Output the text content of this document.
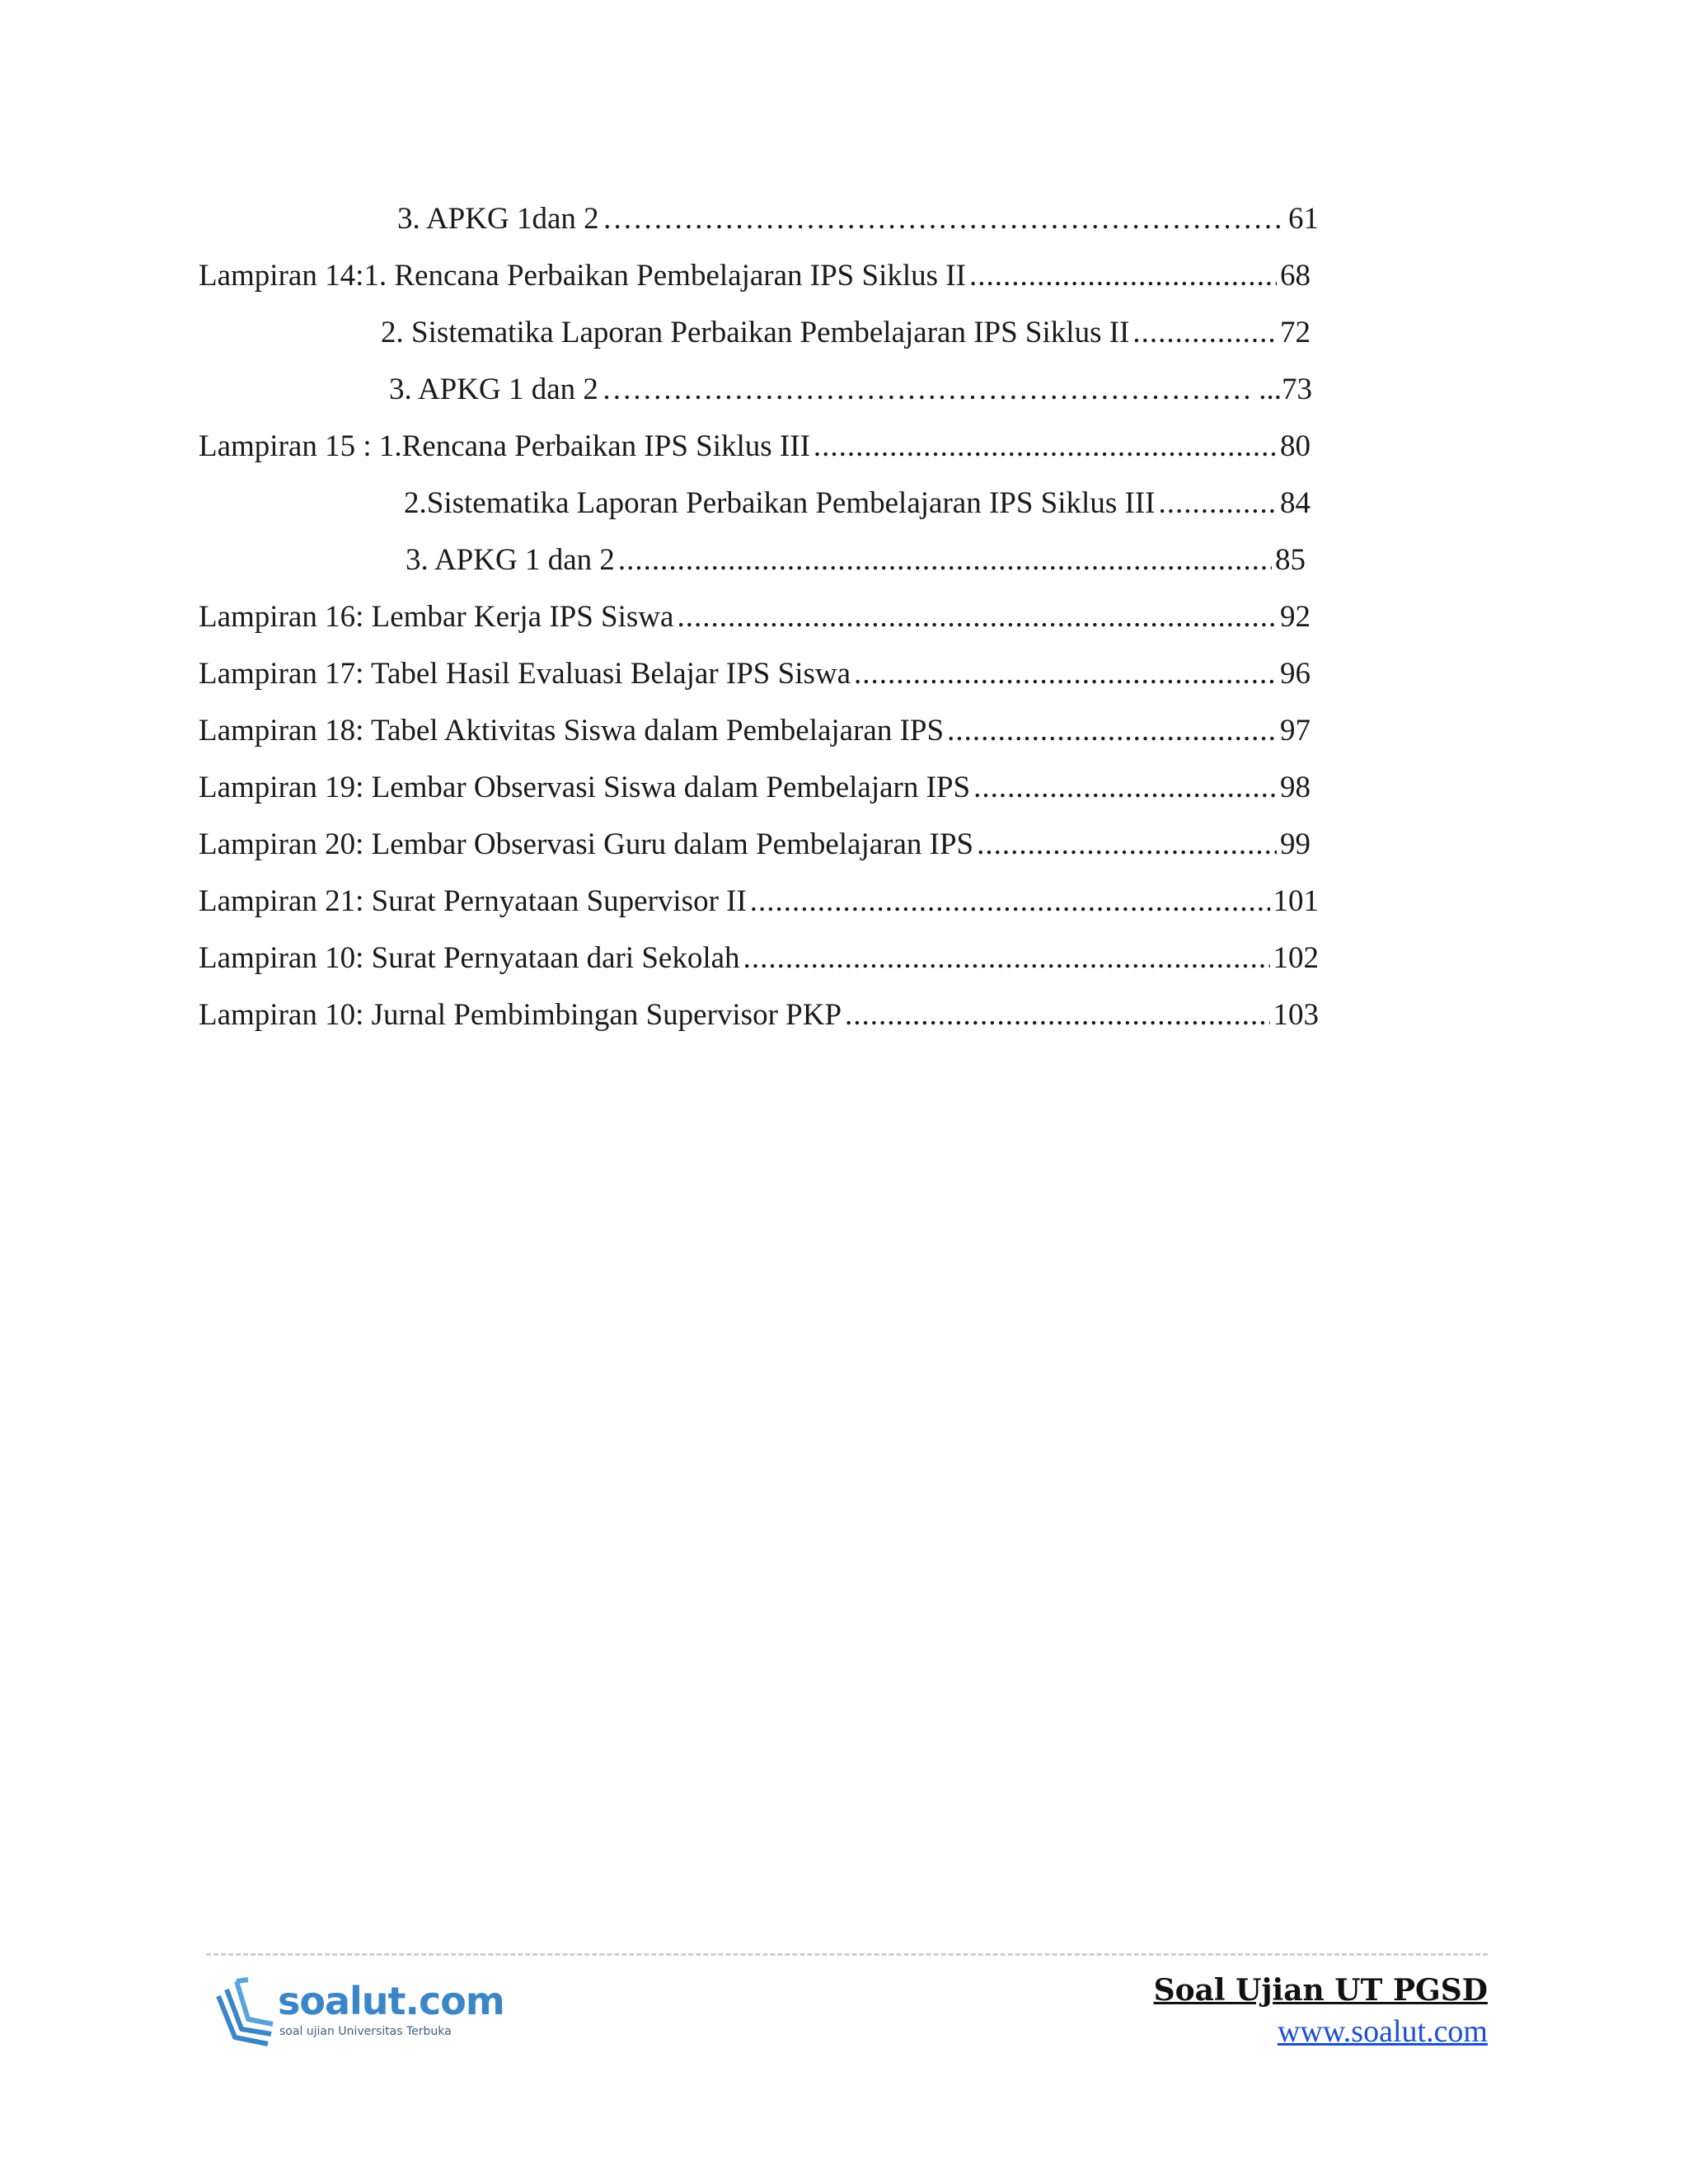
3. APKG 1dan 2 ……………………………………………………………………………………………………………………………………………	61
Lampiran 14:1. Rencana Perbaikan Pembelajaran IPS Siklus II .....	68
2. Sistematika Laporan Perbaikan Pembelajaran IPS Siklus II .....	72
3. APKG 1 dan 2 ……………………………………………………………………………………………………………………………………………	...73
Lampiran 15 : 1.Rencana Perbaikan IPS Siklus III .....	80
2.Sistematika Laporan Perbaikan Pembelajaran IPS Siklus III .....	84
3. APKG 1 dan 2 .....	85
Lampiran 16: Lembar Kerja IPS Siswa .....	92
Lampiran 17: Tabel Hasil Evaluasi Belajar IPS Siswa .....	96
Lampiran 18: Tabel Aktivitas Siswa dalam Pembelajaran IPS .....	97
Lampiran 19: Lembar Observasi Siswa dalam Pembelajarn IPS .....	98
Lampiran 20: Lembar Observasi Guru dalam Pembelajaran IPS .....	99
Lampiran 21: Surat Pernyataan Supervisor II .....	101
Lampiran 10: Surat Pernyataan dari Sekolah .....	102
Lampiran 10: Jurnal Pembimbingan Supervisor PKP .....	103
soalut.com
soal ujian Universitas Terbuka
Soal Ujian UT PGSD
www.soalut.com
